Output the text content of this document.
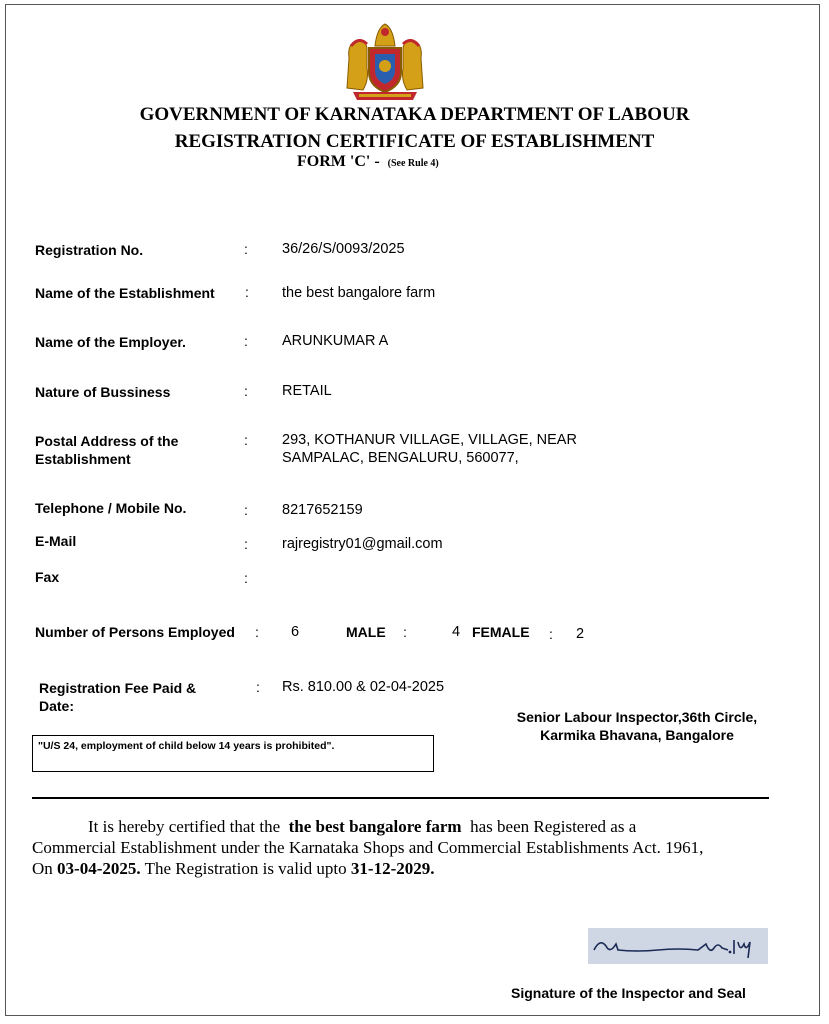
GOVERNMENT OF KARNATAKA DEPARTMENT OF LABOUR
REGISTRATION CERTIFICATE OF ESTABLISHMENT
FORM 'C' - (See Rule 4)
Registration No.	: 36/26/S/0093/2025
Name of the Establishment : the best bangalore farm
Name of the Employer.	: ARUNKUMAR A
Nature of Bussiness	: RETAIL
Postal Address of the
Establishment
: 293, KOTHANUR VILLAGE, VILLAGE, NEAR
SAMPALAC, BENGALURU, 560077,
Telephone / Mobile No.	: 8217652159
E-Mail	: rajregistry01@gmail.com
Fax	:
Number of Persons Employed : 6	MALE :	4 FEMALE : 2
Registration Fee Paid &
Date:
: Rs. 810.00 & 02-04-2025
Senior Labour Inspector,36th Circle,
Karmika Bhavana, Bangalore
"U/S 24, employment of child below 14 years is prohibited".
It is hereby certified that the the best bangalore farm has been Registered as a
Commercial Establishment under the Karnataka Shops and Commercial Establishments Act. 1961,
On 03-04-2025. The Registration is valid upto 31-12-2029.
Signature of the Inspector and Seal
